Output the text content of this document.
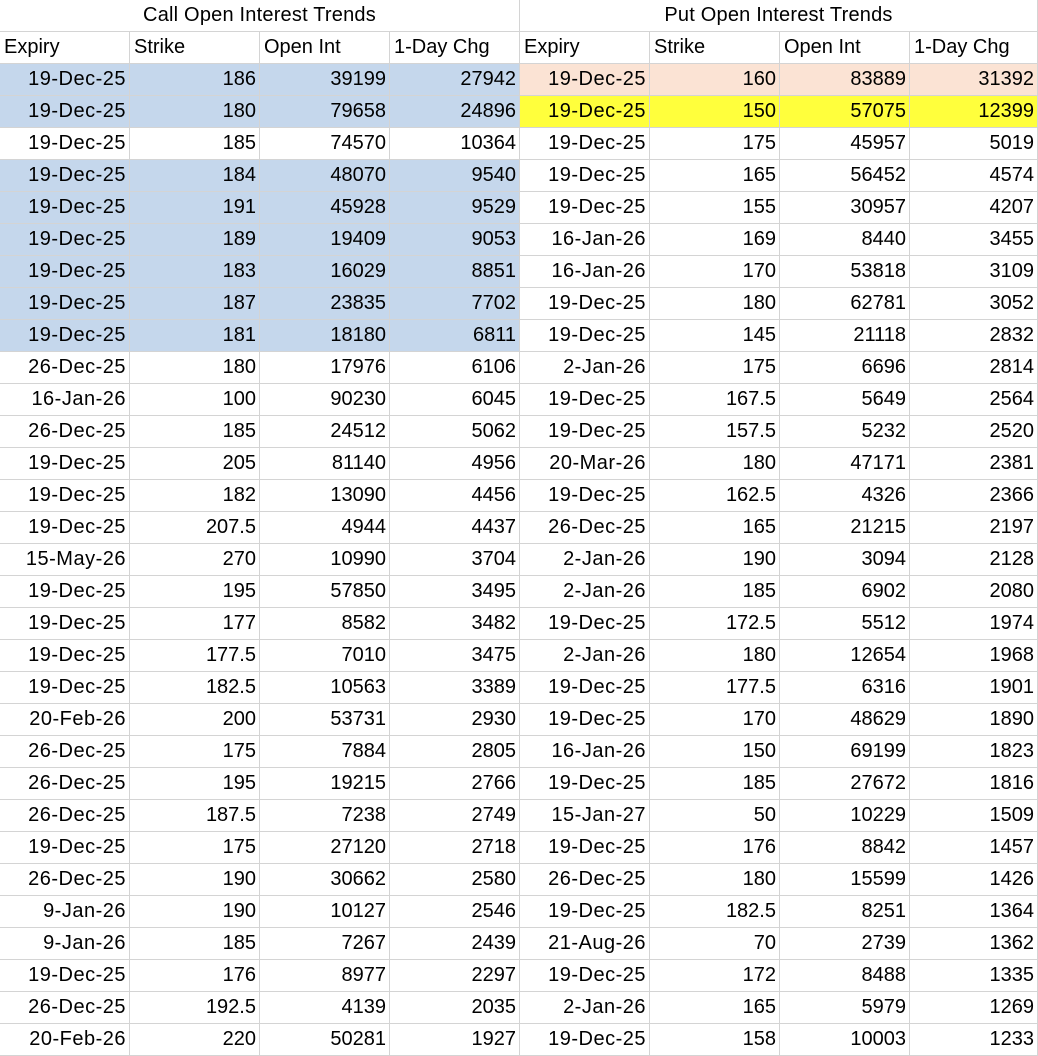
Call Open Interest Trends	Put Open Interest Trends
Expiry	Strike	Open Int	1-Day Chg	Expiry	Strike	Open Int	1-Day Chg
19-Dec-25	186	39199	27942	19-Dec-25	160	83889	31392
19-Dec-25	180	79658	24896	19-Dec-25	150	57075	12399
19-Dec-25	185	74570	10364	19-Dec-25	175	45957	5019
19-Dec-25	184	48070	9540	19-Dec-25	165	56452	4574
19-Dec-25	191	45928	9529	19-Dec-25	155	30957	4207
19-Dec-25	189	19409	9053	16-Jan-26	169	8440	3455
19-Dec-25	183	16029	8851	16-Jan-26	170	53818	3109
19-Dec-25	187	23835	7702	19-Dec-25	180	62781	3052
19-Dec-25	181	18180	6811	19-Dec-25	145	21118	2832
26-Dec-25	180	17976	6106	2-Jan-26	175	6696	2814
16-Jan-26	100	90230	6045	19-Dec-25	167.5	5649	2564
26-Dec-25	185	24512	5062	19-Dec-25	157.5	5232	2520
19-Dec-25	205	81140	4956	20-Mar-26	180	47171	2381
19-Dec-25	182	13090	4456	19-Dec-25	162.5	4326	2366
19-Dec-25	207.5	4944	4437	26-Dec-25	165	21215	2197
15-May-26	270	10990	3704	2-Jan-26	190	3094	2128
19-Dec-25	195	57850	3495	2-Jan-26	185	6902	2080
19-Dec-25	177	8582	3482	19-Dec-25	172.5	5512	1974
19-Dec-25	177.5	7010	3475	2-Jan-26	180	12654	1968
19-Dec-25	182.5	10563	3389	19-Dec-25	177.5	6316	1901
20-Feb-26	200	53731	2930	19-Dec-25	170	48629	1890
26-Dec-25	175	7884	2805	16-Jan-26	150	69199	1823
26-Dec-25	195	19215	2766	19-Dec-25	185	27672	1816
26-Dec-25	187.5	7238	2749	15-Jan-27	50	10229	1509
19-Dec-25	175	27120	2718	19-Dec-25	176	8842	1457
26-Dec-25	190	30662	2580	26-Dec-25	180	15599	1426
9-Jan-26	190	10127	2546	19-Dec-25	182.5	8251	1364
9-Jan-26	185	7267	2439	21-Aug-26	70	2739	1362
19-Dec-25	176	8977	2297	19-Dec-25	172	8488	1335
26-Dec-25	192.5	4139	2035	2-Jan-26	165	5979	1269
20-Feb-26	220	50281	1927	19-Dec-25	158	10003	1233
